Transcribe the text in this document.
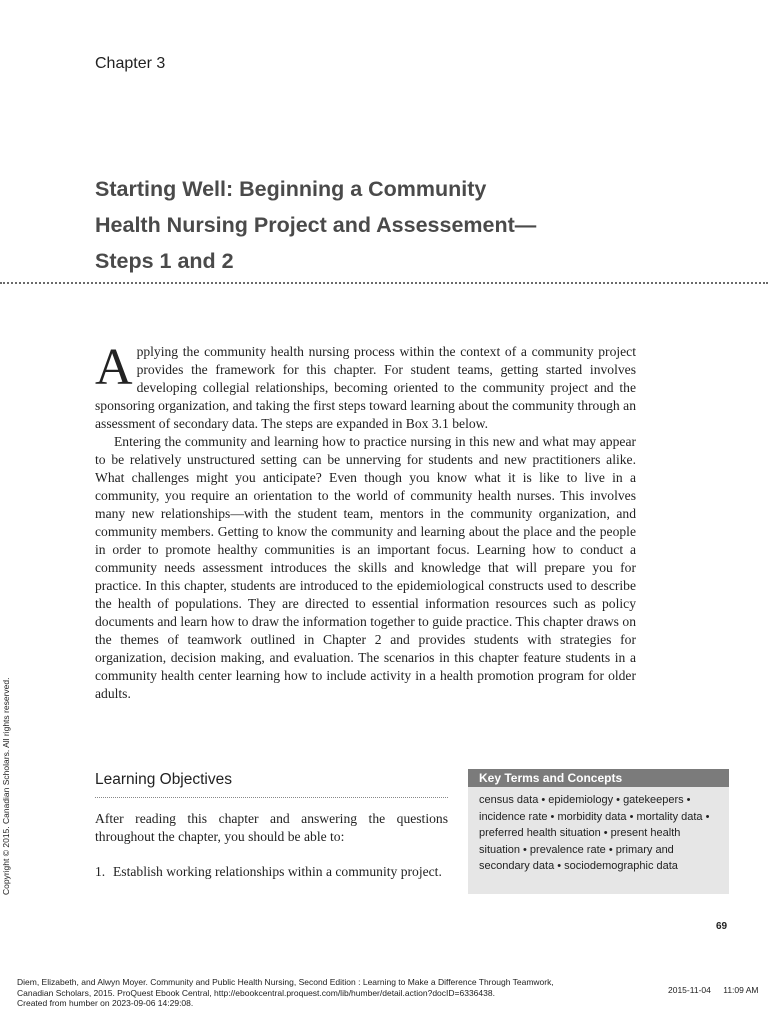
Chapter 3
Starting Well: Beginning a Community
Health Nursing Project and Assessement—
Steps 1 and 2

Applying the community health nursing process within the context of a community project provides the framework for this chapter. For student teams, getting started involves developing collegial relationships, becoming oriented to the community project and the sponsoring organization, and taking the first steps toward learning about the community through an assessment of secondary data. The steps are expanded in Box 3.1 below.

Entering the community and learning how to practice nursing in this new and what may appear to be relatively unstructured setting can be unnerving for students and new practitioners alike. What challenges might you anticipate? Even though you know what it is like to live in a community, you require an orientation to the world of community health nurses. This involves many new relationships—with the student team, mentors in the community organization, and community members. Getting to know the community and learning about the place and the people in order to promote healthy communities is an important focus. Learning how to conduct a community needs assessment introduces the skills and knowledge that will prepare you for practice. In this chapter, students are introduced to the epidemiological constructs used to describe the health of populations. They are directed to essential information resources such as policy documents and learn how to draw the information together to guide practice. This chapter draws on the themes of teamwork outlined in Chapter 2 and provides students with strategies for organization, decision making, and evaluation. The scenarios in this chapter feature students in a community health center learning how to include activity in a health promotion program for older adults.

Copyright © 2015. Canadian Scholars. All rights reserved.	Learning Objectives
After reading this chapter and answering the questions throughout the chapter, you should be able to:
1. Establish working relationships within a community project.
Key Terms and Concepts
census data • epidemiology • gatekeepers • incidence rate • morbidity data • mortality data • preferred health situation • present health situation • prevalence rate • primary and secondary data • sociodemographic data
69
Diem, Elizabeth, and Alwyn Moyer. Community and Public Health Nursing, Second Edition : Learning to Make a Difference Through Teamwork,
Canadian Scholars, 2015. ProQuest Ebook Central, http://ebookcentral.proquest.com/lib/humber/detail.action?docID=6336438.
Created from humber on 2023-09-06 14:29:08.
2015-11-04 11:09 AM
